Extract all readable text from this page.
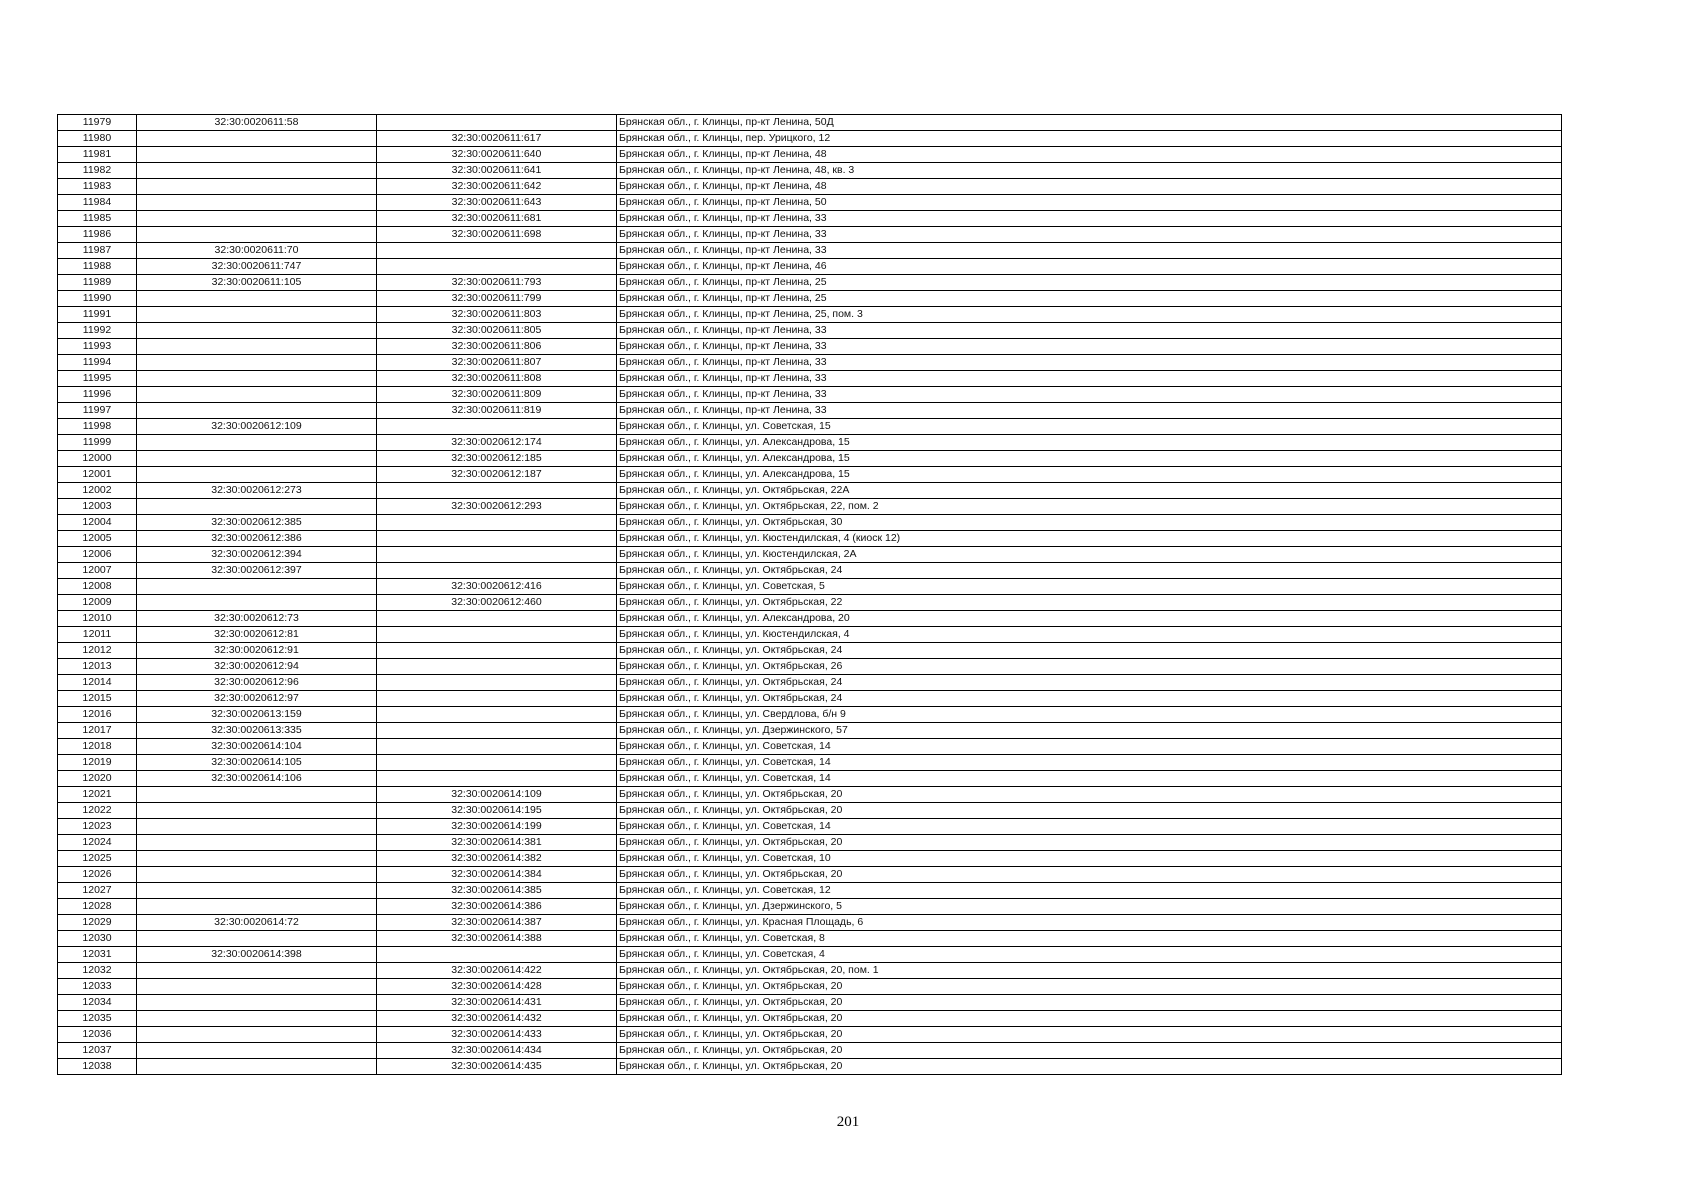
11979	32:30:0020611:58		Брянская обл., г. Клинцы, пр-кт Ленина, 50Д
11980		32:30:0020611:617	Брянская обл., г. Клинцы, пер. Урицкого, 12
11981		32:30:0020611:640	Брянская обл., г. Клинцы, пр-кт Ленина, 48
11982		32:30:0020611:641	Брянская обл., г. Клинцы, пр-кт Ленина, 48, кв. 3
11983		32:30:0020611:642	Брянская обл., г. Клинцы, пр-кт Ленина, 48
11984		32:30:0020611:643	Брянская обл., г. Клинцы, пр-кт Ленина, 50
11985		32:30:0020611:681	Брянская обл., г. Клинцы, пр-кт Ленина, 33
11986		32:30:0020611:698	Брянская обл., г. Клинцы, пр-кт Ленина, 33
11987	32:30:0020611:70		Брянская обл., г. Клинцы, пр-кт Ленина, 33
11988	32:30:0020611:747		Брянская обл., г. Клинцы, пр-кт Ленина, 46
11989	32:30:0020611:105	32:30:0020611:793	Брянская обл., г. Клинцы, пр-кт Ленина, 25
11990		32:30:0020611:799	Брянская обл., г. Клинцы, пр-кт Ленина, 25
11991		32:30:0020611:803	Брянская обл., г. Клинцы, пр-кт Ленина, 25, пом. 3
11992		32:30:0020611:805	Брянская обл., г. Клинцы, пр-кт Ленина, 33
11993		32:30:0020611:806	Брянская обл., г. Клинцы, пр-кт Ленина, 33
11994		32:30:0020611:807	Брянская обл., г. Клинцы, пр-кт Ленина, 33
11995		32:30:0020611:808	Брянская обл., г. Клинцы, пр-кт Ленина, 33
11996		32:30:0020611:809	Брянская обл., г. Клинцы, пр-кт Ленина, 33
11997		32:30:0020611:819	Брянская обл., г. Клинцы, пр-кт Ленина, 33
11998	32:30:0020612:109		Брянская обл., г. Клинцы, ул. Советская, 15
11999		32:30:0020612:174	Брянская обл., г. Клинцы, ул. Александрова, 15
12000		32:30:0020612:185	Брянская обл., г. Клинцы, ул. Александрова, 15
12001		32:30:0020612:187	Брянская обл., г. Клинцы, ул. Александрова, 15
12002	32:30:0020612:273		Брянская обл., г. Клинцы, ул. Октябрьская, 22А
12003		32:30:0020612:293	Брянская обл., г. Клинцы, ул. Октябрьская, 22, пом. 2
12004	32:30:0020612:385		Брянская обл., г. Клинцы, ул. Октябрьская, 30
12005	32:30:0020612:386		Брянская обл., г. Клинцы, ул. Кюстендилская, 4 (киоск 12)
12006	32:30:0020612:394		Брянская обл., г. Клинцы, ул. Кюстендилская, 2А
12007	32:30:0020612:397		Брянская обл., г. Клинцы, ул. Октябрьская, 24
12008		32:30:0020612:416	Брянская обл., г. Клинцы, ул. Советская, 5
12009		32:30:0020612:460	Брянская обл., г. Клинцы, ул. Октябрьская, 22
12010	32:30:0020612:73		Брянская обл., г. Клинцы, ул. Александрова, 20
12011	32:30:0020612:81		Брянская обл., г. Клинцы, ул. Кюстендилская, 4
12012	32:30:0020612:91		Брянская обл., г. Клинцы, ул. Октябрьская, 24
12013	32:30:0020612:94		Брянская обл., г. Клинцы, ул. Октябрьская, 26
12014	32:30:0020612:96		Брянская обл., г. Клинцы, ул. Октябрьская, 24
12015	32:30:0020612:97		Брянская обл., г. Клинцы, ул. Октябрьская, 24
12016	32:30:0020613:159		Брянская обл., г. Клинцы, ул. Свердлова, б/н 9
12017	32:30:0020613:335		Брянская обл., г. Клинцы, ул. Дзержинского, 57
12018	32:30:0020614:104		Брянская обл., г. Клинцы, ул. Советская, 14
12019	32:30:0020614:105		Брянская обл., г. Клинцы, ул. Советская, 14
12020	32:30:0020614:106		Брянская обл., г. Клинцы, ул. Советская, 14
12021		32:30:0020614:109	Брянская обл., г. Клинцы, ул. Октябрьская, 20
12022		32:30:0020614:195	Брянская обл., г. Клинцы, ул. Октябрьская, 20
12023		32:30:0020614:199	Брянская обл., г. Клинцы, ул. Советская, 14
12024		32:30:0020614:381	Брянская обл., г. Клинцы, ул. Октябрьская, 20
12025		32:30:0020614:382	Брянская обл., г. Клинцы, ул. Советская, 10
12026		32:30:0020614:384	Брянская обл., г. Клинцы, ул. Октябрьская, 20
12027		32:30:0020614:385	Брянская обл., г. Клинцы, ул. Советская, 12
12028		32:30:0020614:386	Брянская обл., г. Клинцы, ул. Дзержинского, 5
12029	32:30:0020614:72	32:30:0020614:387	Брянская обл., г. Клинцы, ул. Красная Площадь, 6
12030		32:30:0020614:388	Брянская обл., г. Клинцы, ул. Советская, 8
12031	32:30:0020614:398		Брянская обл., г. Клинцы, ул. Советская, 4
12032		32:30:0020614:422	Брянская обл., г. Клинцы, ул. Октябрьская, 20, пом. 1
12033		32:30:0020614:428	Брянская обл., г. Клинцы, ул. Октябрьская, 20
12034		32:30:0020614:431	Брянская обл., г. Клинцы, ул. Октябрьская, 20
12035		32:30:0020614:432	Брянская обл., г. Клинцы, ул. Октябрьская, 20
12036		32:30:0020614:433	Брянская обл., г. Клинцы, ул. Октябрьская, 20
12037		32:30:0020614:434	Брянская обл., г. Клинцы, ул. Октябрьская, 20
12038		32:30:0020614:435	Брянская обл., г. Клинцы, ул. Октябрьская, 20
201
